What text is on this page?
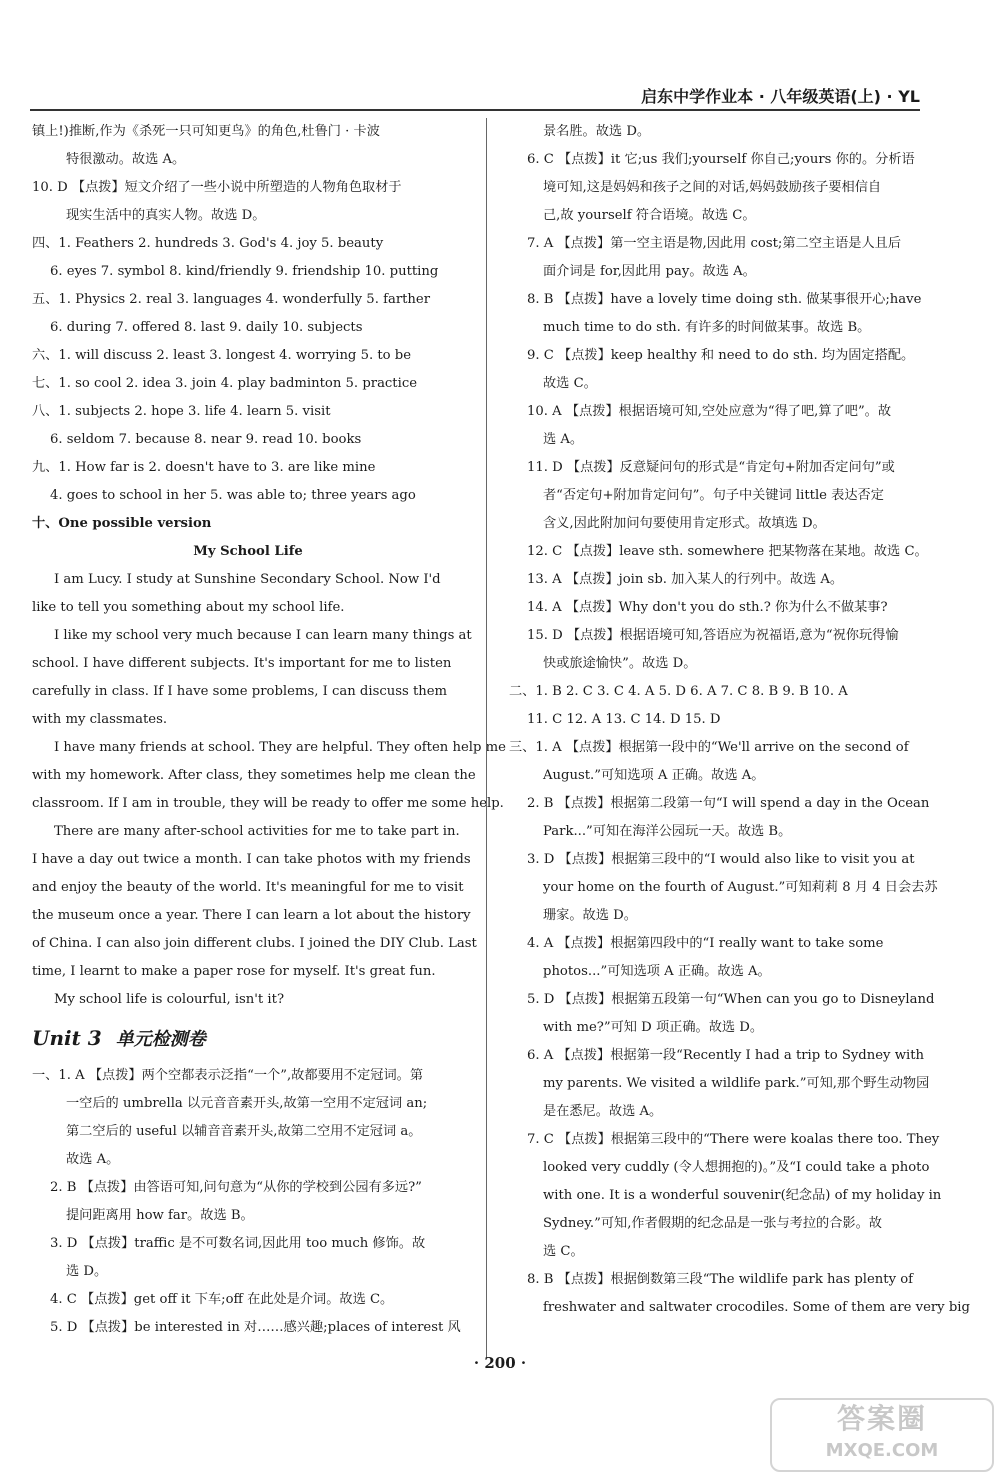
启东中学作业本 · 八年级英语(上) · YL
镇上!)推断,作为《杀死一只可知更鸟》的角色,杜鲁门 · 卡波
特很激动。故选 A。
10. D 【点拨】短文介绍了一些小说中所塑造的人物角色取材于
现实生活中的真实人物。故选 D。
四、1. Feathers 2. hundreds 3. God's 4. joy 5. beauty
6. eyes 7. symbol 8. kind/friendly 9. friendship 10. putting
五、1. Physics 2. real 3. languages 4. wonderfully 5. farther
6. during 7. offered 8. last 9. daily 10. subjects
六、1. will discuss 2. least 3. longest 4. worrying 5. to be
七、1. so cool 2. idea 3. join 4. play badminton 5. practice
八、1. subjects 2. hope 3. life 4. learn 5. visit
6. seldom 7. because 8. near 9. read 10. books
九、1. How far is 2. doesn't have to 3. are like mine
4. goes to school in her 5. was able to; three years ago
十、One possible version
My School Life
I am Lucy. I study at Sunshine Secondary School. Now I'd
like to tell you something about my school life.
I like my school very much because I can learn many things at
school. I have different subjects. It's important for me to listen
carefully in class. If I have some problems, I can discuss them
with my classmates.
I have many friends at school. They are helpful. They often help me
with my homework. After class, they sometimes help me clean the
classroom. If I am in trouble, they will be ready to offer me some help.
There are many after-school activities for me to take part in.
I have a day out twice a month. I can take photos with my friends
and enjoy the beauty of the world. It's meaningful for me to visit
the museum once a year. There I can learn a lot about the history
of China. I can also join different clubs. I joined the DIY Club. Last
time, I learnt to make a paper rose for myself. It's great fun.
My school life is colourful, isn't it?
Unit 3 单元检测卷
一、1. A 【点拨】两个空都表示泛指“一个”,故都要用不定冠词。第
一空后的 umbrella 以元音音素开头,故第一空用不定冠词 an;
第二空后的 useful 以辅音音素开头,故第二空用不定冠词 a。
故选 A。
2. B 【点拨】由答语可知,问句意为“从你的学校到公园有多远?”
提问距离用 how far。故选 B。
3. D 【点拨】traffic 是不可数名词,因此用 too much 修饰。故
选 D。
4. C 【点拨】get off it 下车;off 在此处是介词。故选 C。
5. D 【点拨】be interested in 对……感兴趣;places of interest 风
景名胜。故选 D。
6. C 【点拨】it 它;us 我们;yourself 你自己;yours 你的。分析语
境可知,这是妈妈和孩子之间的对话,妈妈鼓励孩子要相信自
己,故 yourself 符合语境。故选 C。
7. A 【点拨】第一空主语是物,因此用 cost;第二空主语是人且后
面介词是 for,因此用 pay。故选 A。
8. B 【点拨】have a lovely time doing sth. 做某事很开心;have
much time to do sth. 有许多的时间做某事。故选 B。
9. C 【点拨】keep healthy 和 need to do sth. 均为固定搭配。
故选 C。
10. A 【点拨】根据语境可知,空处应意为“得了吧,算了吧”。故
选 A。
11. D 【点拨】反意疑问句的形式是“肯定句+附加否定问句”或
者“否定句+附加肯定问句”。句子中关键词 little 表达否定
含义,因此附加问句要使用肯定形式。故填选 D。
12. C 【点拨】leave sth. somewhere 把某物落在某地。故选 C。
13. A 【点拨】join sb. 加入某人的行列中。故选 A。
14. A 【点拨】Why don't you do sth.? 你为什么不做某事?
15. D 【点拨】根据语境可知,答语应为祝福语,意为“祝你玩得愉
快或旅途愉快”。故选 D。
二、1. B 2. C 3. C 4. A 5. D 6. A 7. C 8. B 9. B 10. A
11. C 12. A 13. C 14. D 15. D
三、1. A 【点拨】根据第一段中的“We'll arrive on the second of
August.”可知选项 A 正确。故选 A。
2. B 【点拨】根据第二段第一句“I will spend a day in the Ocean
Park...”可知在海洋公园玩一天。故选 B。
3. D 【点拨】根据第三段中的“I would also like to visit you at
your home on the fourth of August.”可知莉莉 8 月 4 日会去苏
珊家。故选 D。
4. A 【点拨】根据第四段中的“I really want to take some
photos...”可知选项 A 正确。故选 A。
5. D 【点拨】根据第五段第一句“When can you go to Disneyland
with me?”可知 D 项正确。故选 D。
6. A 【点拨】根据第一段“Recently I had a trip to Sydney with
my parents. We visited a wildlife park.”可知,那个野生动物园
是在悉尼。故选 A。
7. C 【点拨】根据第三段中的“There were koalas there too. They
looked very cuddly (令人想拥抱的)。”及“I could take a photo
with one. It is a wonderful souvenir(纪念品) of my holiday in
Sydney.”可知,作者假期的纪念品是一张与考拉的合影。故
选 C。
8. B 【点拨】根据倒数第三段“The wildlife park has plenty of
freshwater and saltwater crocodiles. Some of them are very big
· 200 ·
答案圈
MXQE.COM
